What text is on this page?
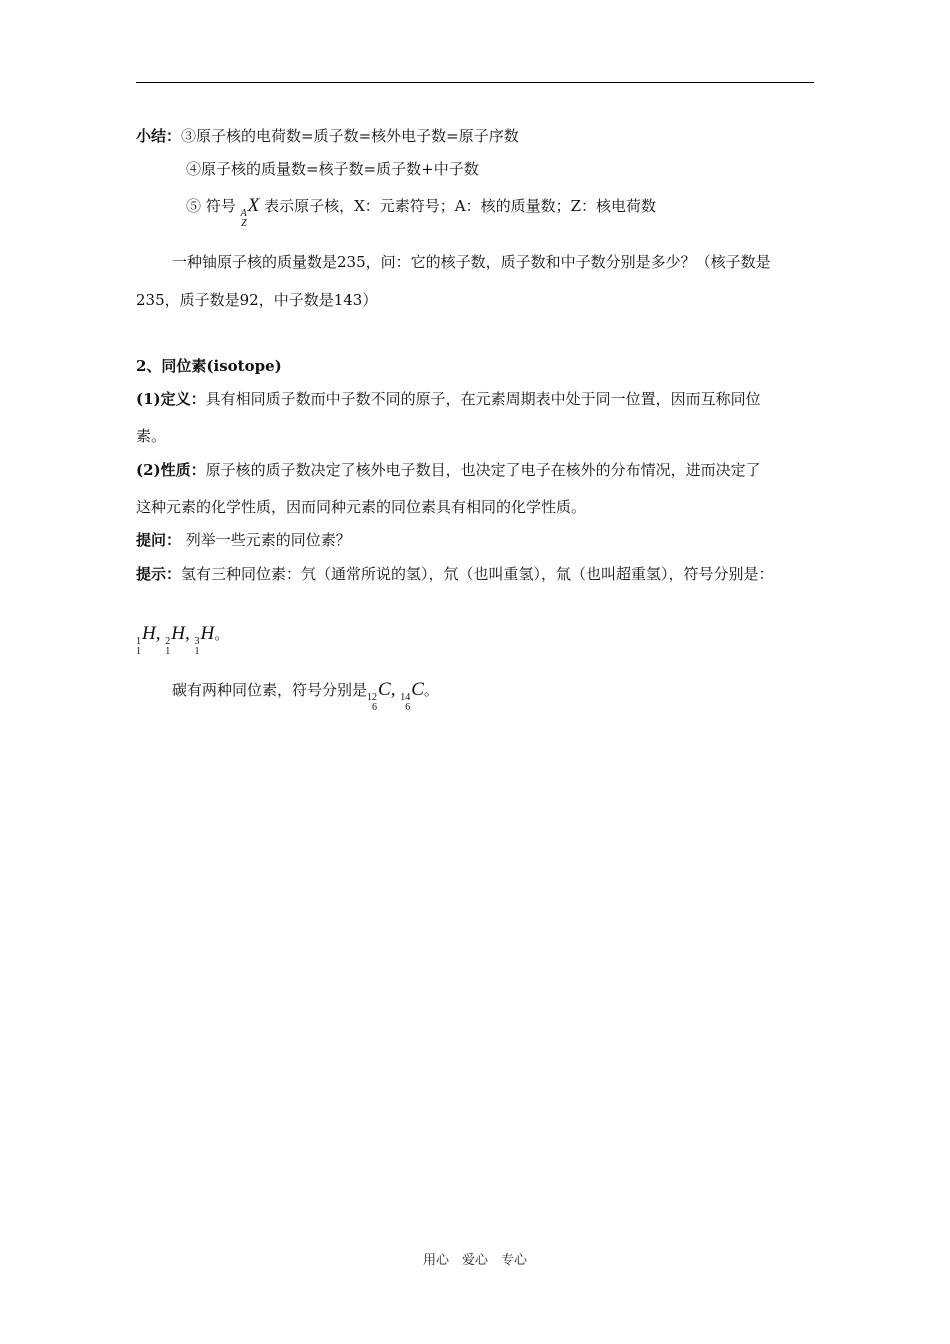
小结：③原子核的电荷数=质子数=核外电子数=原子序数
④原子核的质量数=核子数=质子数+中子数
⑤ 符号 A
Z
X 表示原子核，X：元素符号；A：核的质量数；Z：核电荷数
一种铀原子核的质量数是235，问：它的核子数，质子数和中子数分别是多少？（核子数是
235，质子数是92，中子数是143）
2、同位素(isotope)
(1)定义：具有相同质子数而中子数不同的原子，在元素周期表中处于同一位置，因而互称同位
素。
(2)性质：原子核的质子数决定了核外电子数目，也决定了电子在核外的分布情况，进而决定了
这种元素的化学性质，因而同种元素的同位素具有相同的化学性质。
提问： 列举一些元素的同位素？
提示：氢有三种同位素：氕（通常所说的氢），氘（也叫重氢），氚（也叫超重氢），符号分别是：
1
1
H, 2
1
H, 3
1
H。
碳有两种同位素，符号分别是 12
6
C, 14
6
C。
用心　爱心　专心
